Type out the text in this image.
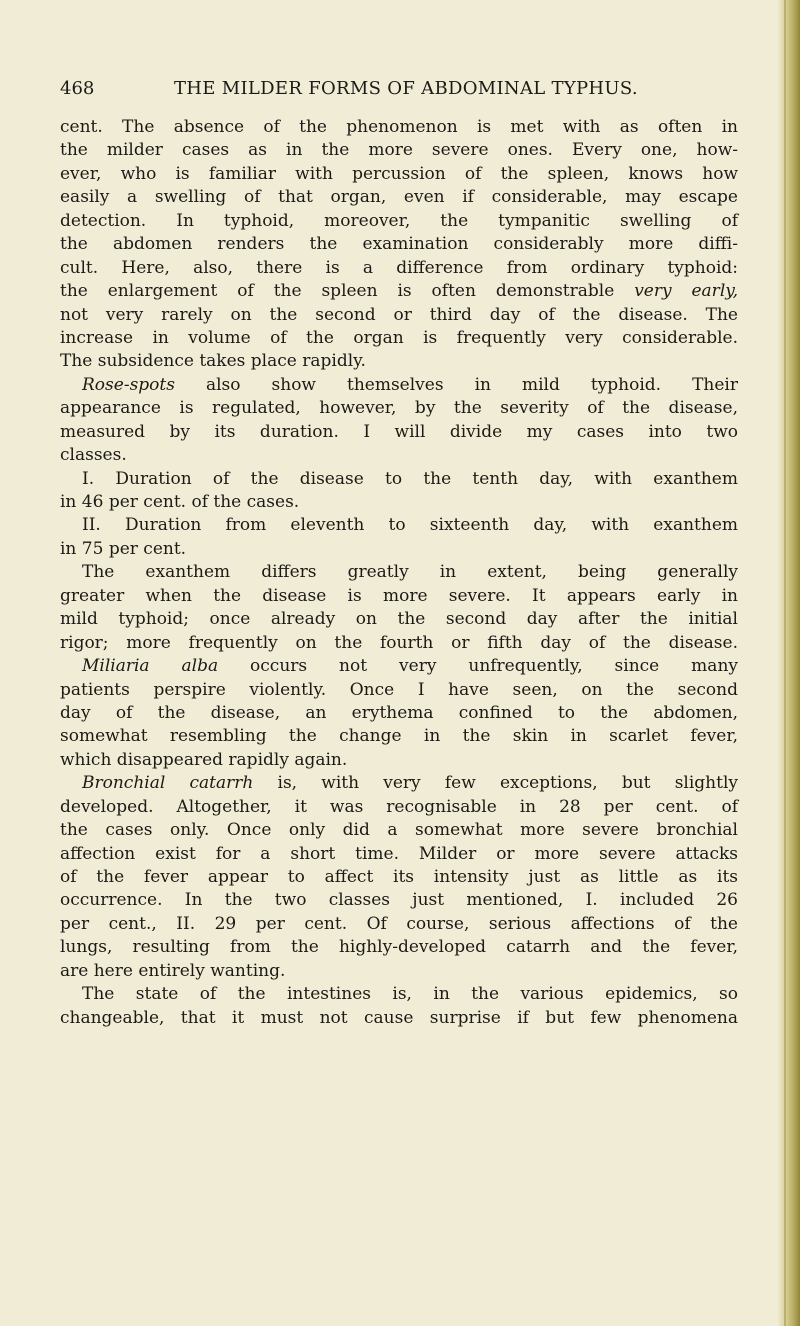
468	THE MILDER FORMS OF ABDOMINAL TYPHUS.
cent. The absence of the phenomenon is met with as often in
the milder cases as in the more severe ones. Every one, how-
ever, who is familiar with percussion of the spleen, knows how
easily a swelling of that organ, even if considerable, may escape
detection. In typhoid, moreover, the tympanitic swelling of
the abdomen renders the examination considerably more diffi-
cult. Here, also, there is a difference from ordinary typhoid:
the enlargement of the spleen is often demonstrable very early,
not very rarely on the second or third day of the disease. The
increase in volume of the organ is frequently very considerable.
The subsidence takes place rapidly.
Rose-spots also show themselves in mild typhoid. Their
appearance is regulated, however, by the severity of the disease,
measured by its duration. I will divide my cases into two
classes.
I. Duration of the disease to the tenth day, with exanthem
in 46 per cent. of the cases.
II. Duration from eleventh to sixteenth day, with exanthem
in 75 per cent.
The exanthem differs greatly in extent, being generally
greater when the disease is more severe. It appears early in
mild typhoid; once already on the second day after the initial
rigor; more frequently on the fourth or fifth day of the disease.
Miliaria alba occurs not very unfrequently, since many
patients perspire violently. Once I have seen, on the second
day of the disease, an erythema confined to the abdomen,
somewhat resembling the change in the skin in scarlet fever,
which disappeared rapidly again.
Bronchial catarrh is, with very few exceptions, but slightly
developed. Altogether, it was recognisable in 28 per cent. of
the cases only. Once only did a somewhat more severe bronchial
affection exist for a short time. Milder or more severe attacks
of the fever appear to affect its intensity just as little as its
occurrence. In the two classes just mentioned, I. included 26
per cent., II. 29 per cent. Of course, serious affections of the
lungs, resulting from the highly-developed catarrh and the fever,
are here entirely wanting.
The state of the intestines is, in the various epidemics, so
changeable, that it must not cause surprise if but few phenomena
